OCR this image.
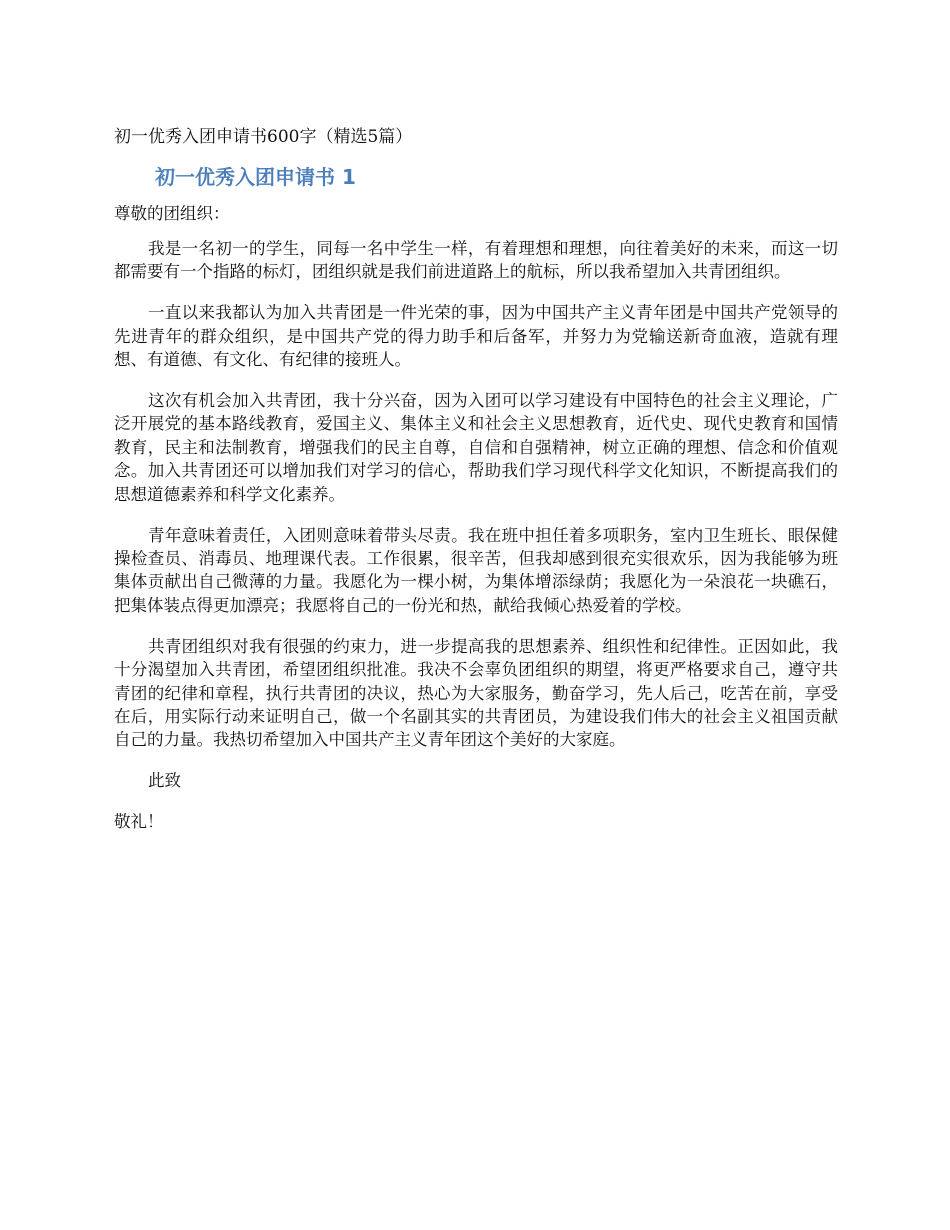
初一优秀入团申请书600字（精选5篇）
初一优秀入团申请书 1
尊敬的团组织：

我是一名初一的学生，同每一名中学生一样，有着理想和理想，向往着美好的未来，而这一切都需要有一个指路的标灯，团组织就是我们前进道路上的航标，所以我希望加入共青团组织。

一直以来我都认为加入共青团是一件光荣的事，因为中国共产主义青年团是中国共产党领导的先进青年的群众组织，是中国共产党的得力助手和后备军，并努力为党输送新奇血液，造就有理想、有道德、有文化、有纪律的接班人。

这次有机会加入共青团，我十分兴奋，因为入团可以学习建设有中国特色的社会主义理论，广泛开展党的基本路线教育，爱国主义、集体主义和社会主义思想教育，近代史、现代史教育和国情教育，民主和法制教育，增强我们的民主自尊，自信和自强精神，树立正确的理想、信念和价值观念。加入共青团还可以增加我们对学习的信心，帮助我们学习现代科学文化知识，不断提高我们的思想道德素养和科学文化素养。

青年意味着责任，入团则意味着带头尽责。我在班中担任着多项职务，室内卫生班长、眼保健操检查员、消毒员、地理课代表。工作很累，很辛苦，但我却感到很充实很欢乐，因为我能够为班集体贡献出自己微薄的力量。我愿化为一棵小树，为集体增添绿荫；我愿化为一朵浪花一块礁石，把集体装点得更加漂亮；我愿将自己的一份光和热，献给我倾心热爱着的学校。

共青团组织对我有很强的约束力，进一步提高我的思想素养、组织性和纪律性。正因如此，我十分渴望加入共青团，希望团组织批准。我决不会辜负团组织的期望，将更严格要求自己，遵守共青团的纪律和章程，执行共青团的决议，热心为大家服务，勤奋学习，先人后己，吃苦在前，享受在后，用实际行动来证明自己，做一个名副其实的共青团员，为建设我们伟大的社会主义祖国贡献自己的力量。我热切希望加入中国共产主义青年团这个美好的大家庭。

此致

敬礼！
